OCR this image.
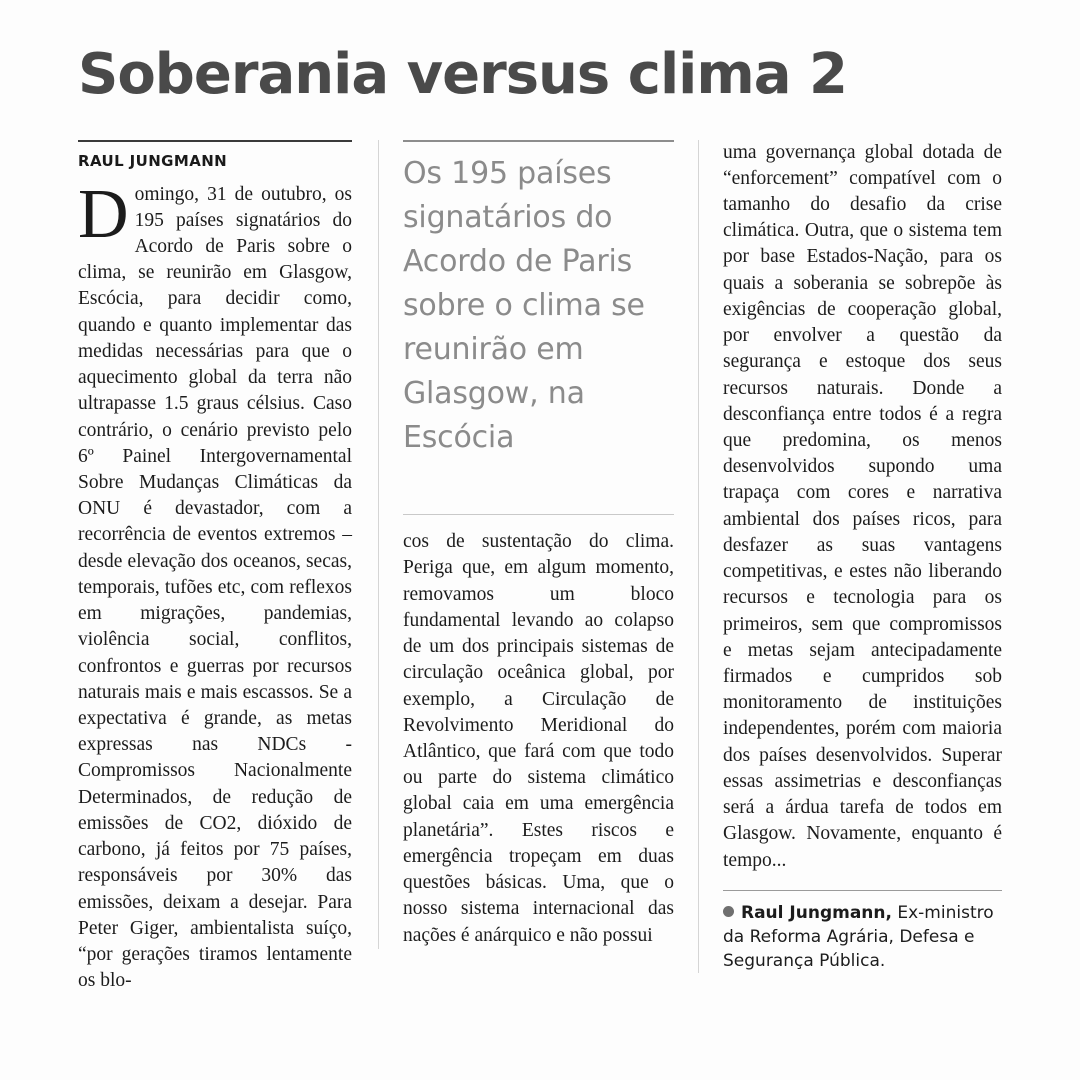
Soberania versus clima 2
RAUL JUNGMANN

Domingo, 31 de outubro, os 195 países signatários do Acordo de Paris sobre o clima, se reunirão em Glasgow, Escócia, para decidir como, quando e quanto implementar das medidas necessárias para que o aquecimento global da terra não ultrapasse 1.5 graus célsius. Caso contrário, o cenário previsto pelo 6º Painel Intergovernamental Sobre Mudanças Climáticas da ONU é devastador, com a recorrência de eventos extremos – desde elevação dos oceanos, secas, temporais, tufões etc, com reflexos em migrações, pandemias, violência social, conflitos, confrontos e guerras por recursos naturais mais e mais escassos. Se a expectativa é grande, as metas expressas nas NDCs - Compromissos Nacionalmente Determinados, de redução de emissões de CO2, dióxido de carbono, já feitos por 75 países, responsáveis por 30% das emissões, deixam a desejar. Para Peter Giger, ambientalista suíço, “por gerações tiramos lentamente os blo-

Os 195 países signatários do Acordo de Paris sobre o clima se reunirão em Glasgow, na Escócia

cos de sustentação do clima. Periga que, em algum momento, removamos um bloco fundamental levando ao colapso de um dos principais sistemas de circulação oceânica global, por exemplo, a Circulação de Revolvimento Meridional do Atlântico, que fará com que todo ou parte do sistema climático global caia em uma emergência planetária”. Estes riscos e emergência tropeçam em duas questões básicas. Uma, que o nosso sistema internacional das nações é anárquico e não possui

uma governança global dotada de “enforcement” compatível com o tamanho do desafio da crise climática. Outra, que o sistema tem por base Estados-Nação, para os quais a soberania se sobrepõe às exigências de cooperação global, por envolver a questão da segurança e estoque dos seus recursos naturais. Donde a desconfiança entre todos é a regra que predomina, os menos desenvolvidos supondo uma trapaça com cores e narrativa ambiental dos países ricos, para desfazer as suas vantagens competitivas, e estes não liberando recursos e tecnologia para os primeiros, sem que compromissos e metas sejam antecipadamente firmados e cumpridos sob monitoramento de instituições independentes, porém com maioria dos países desenvolvidos. Superar essas assimetrias e desconfianças será a árdua tarefa de todos em Glasgow. Novamente, enquanto é tempo...

Raul Jungmann, Ex-ministro da Reforma Agrária, Defesa e Segurança Pública.
